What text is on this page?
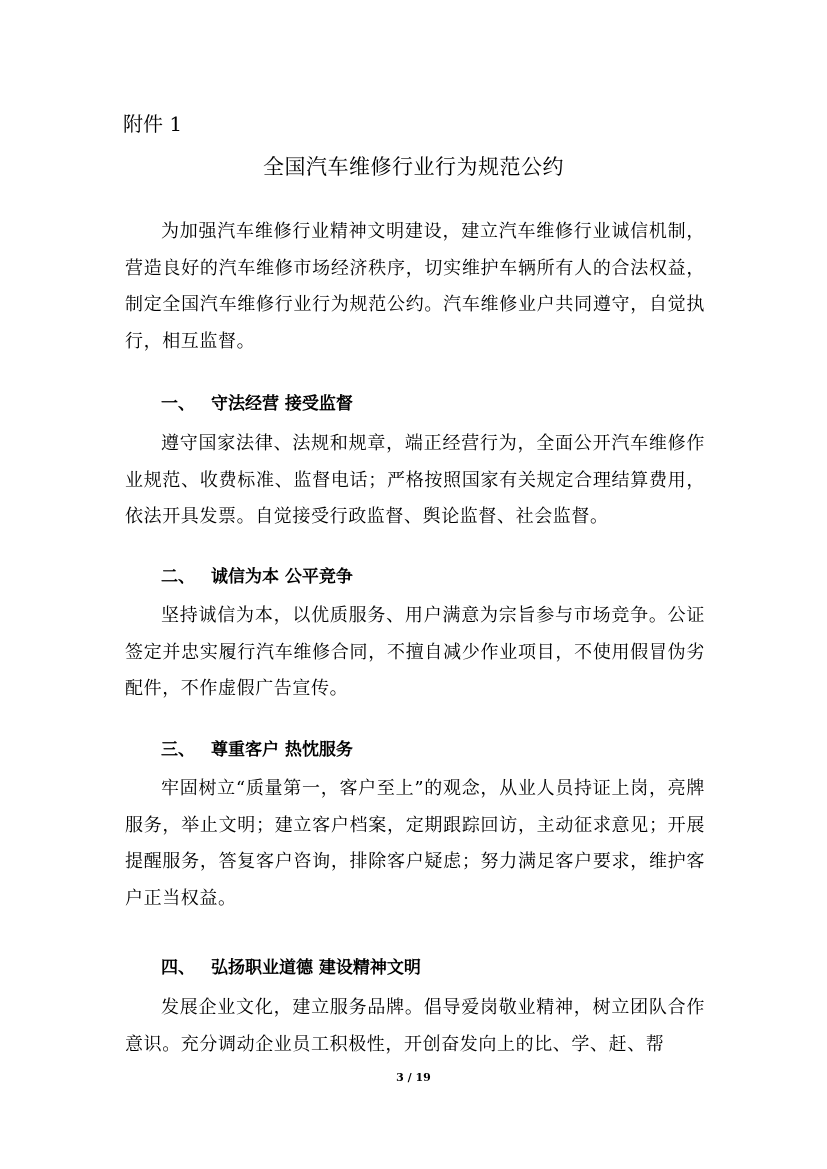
附件 1
全国汽车维修行业行为规范公约

为加强汽车维修行业精神文明建设，建立汽车维修行业诚信机制，营造良好的汽车维修市场经济秩序，切实维护车辆所有人的合法权益，制定全国汽车维修行业行为规范公约。汽车维修业户共同遵守，自觉执行，相互监督。

一、 守法经营 接受监督

遵守国家法律、法规和规章，端正经营行为，全面公开汽车维修作业规范、收费标准、监督电话；严格按照国家有关规定合理结算费用，依法开具发票。自觉接受行政监督、舆论监督、社会监督。

二、 诚信为本 公平竞争

坚持诚信为本，以优质服务、用户满意为宗旨参与市场竞争。公证签定并忠实履行汽车维修合同，不擅自减少作业项目，不使用假冒伪劣配件，不作虚假广告宣传。

三、 尊重客户 热忱服务

牢固树立“质量第一，客户至上”的观念，从业人员持证上岗，亮牌服务，举止文明；建立客户档案，定期跟踪回访，主动征求意见；开展提醒服务，答复客户咨询，排除客户疑虑；努力满足客户要求，维护客户正当权益。

四、 弘扬职业道德 建设精神文明

发展企业文化，建立服务品牌。倡导爱岗敬业精神，树立团队合作意识。充分调动企业员工积极性，开创奋发向上的比、学、赶、帮

3 / 19
